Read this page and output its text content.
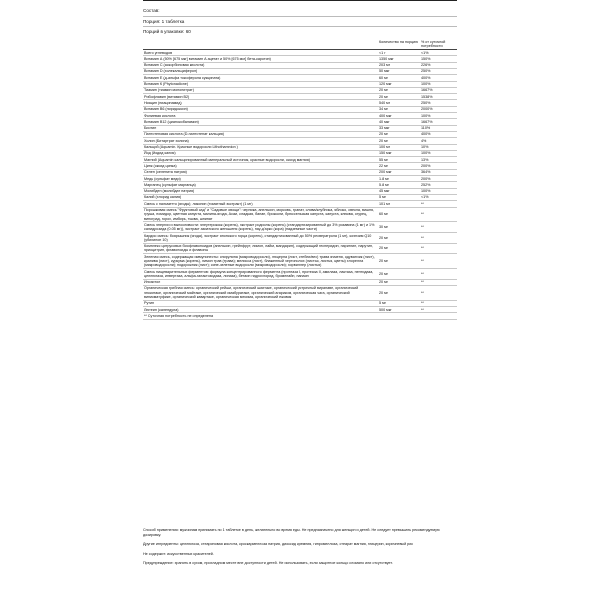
Состав:

Порция: 1 таблетка

Порций в упаковке: 60

	Количество на порцию	% от суточной потребности
Всего углеводов	<1 г	<1%
Витамин А (50% [675 мкг] витамин А ацетат и 50% [675 мкг] бета-каротин)	1350 мкг	150%
Витамин С (аскорбиновая кислота)	203 мг	226%
Витамин D (холекальциферол)	50 мкг	250%
Витамин Е (д-альфа токоферола сукцината)	60 мг	400%
Витамин К (Phytonadione)	120 мкг	100%
Тиамин (тиамин мононитрат)	20 мг	1667%
Рибофлавин (витамин В2)	20 мг	1538%
Ниацин (ниацинамид)	540 мг	250%
Витамин В6 (пиридоксин)	34 мг	2000%
Фолиевая кислота	400 мкг	100%
Витамин В12 (цианокобаламин)	40 мкг	1667%
Биотин	33 мкг	110%
Пантотеновая кислота (D-пантотенат кальция)	20 мг	400%
Холин (Битартрат холина)	20 мг	4%
Кальций (Aquamin. Красные водоросли Lithothamnion )	100 мг	10%
Йод (йодид калия)	150 мкг	100%
Магний (Aquamin кальцинированный минеральный источник, красные водоросли, оксид магния)	55 мг	13%
Цинк (оксид цинка)	22 мг	200%
Селен (селенита натрия)	200 мкг	364%
Медь (сульфат меди)	1.8 мг	200%
Марганец (сульфат марганца)	5.8 мг	252%
Молибден (молибдат натрия)	45 мкг	100%
Калий (хлорид калия)	5 мг	<1%
Смесь с пальметто (ягоды); ликопин (томатный экстракт) (1 мг)	101 мг	**
Порошковая смесь "Фруктовый сад" и "Садовые овощи": черника, апельсин, морковь, гранат, слива/клубника, яблоко, свекла, вишня, груша, помидор, цветная капуста, малина-ягода, Асаи, сладкая, банан, брокколи, брюссельская капуста, капуста, клюква, огурец, виноград, горох, имбирь, тыква, шпинат	60 мг	**
Смесь энергии и выносливости: элеутерококк (корень), экстракт родиолы (корень) (стандартизированный до 3% розавина (1 мг) и 1% салидрозида (0.05 мг)), экстракт азиатского женьшеня (корень), пау-д'арко (кора) (надземные части)	30 мг	**
Кардио смесь: боярышник (ягода), экстракт японского горца (корень), стандартизованный до 50% ресвератрола (1 мг), коэнзим Q10 (убихинон 10)	20 мг	**
Комплекс цитрусовых биофлавоноидов (апельсин, грейпфрут, лимон, лайм, мандарин), содержащий гесперидин, нарингин, нарутин, эриоцитрин, флавоноиды и флавоны	20 мг	**
Зеленая смесь, содержащая иммунопесты: спирулина (микроводоросли), люцерна (лист, стебли/вес) трава ячменя, одуванчик (лист), крапива (лист), куркума (корень), лимон трав (трава); мелисса (лист), блаженный чертополох (листья, листья, цветы) хлорелла (микроводоросли); подорожник (лист); сине-зеленые водоросли (микроводоросли); хорвиллер (листья)	20 мг	**
Смесь пищеварительных ферментов: формула концентрированного фермента (протеаза I, протеаза II, амилаза, лактаза, пептидаза, целлюлаза, инвертаза, альфа-галактозидаза, липаза), бетаин гидрохлорид, бромелайн, папаин	20 мг	**
Инозитол	20 мг	**
Органическая грибная смесь: органический рейши, органический шиитаке, органический устричный вирапаве, органический энокитаке, органический майтаке, органический имабуратаке, органический агариком, органическая чага, органический виникматуфике, органический кавартаке, органическая месима, органический ежовик	20 мг	**
Рутин	5 мг	**
Лютеин (календула)	500 мкг	**
** Суточная потребность не определена		

Способ применения: мужчинам принимать по 1 таблетке в день, желательно во время еды. Не предназначено для женщин и детей. Не следует превышать рекомендуемую дозировку.

Другие ингредиенты: целлюлоза, стеариновая кислота, кроскармеллоза натрия, диоксид кремния, гипромеллоза, стеарат магния, глицерин, коричневый рис

Не содержит: искусственных красителей.

Предупреждение: хранить в сухом, прохладном месте вне доступности детей. Не использовать, если защитное кольцо сломано или отсутствует.
